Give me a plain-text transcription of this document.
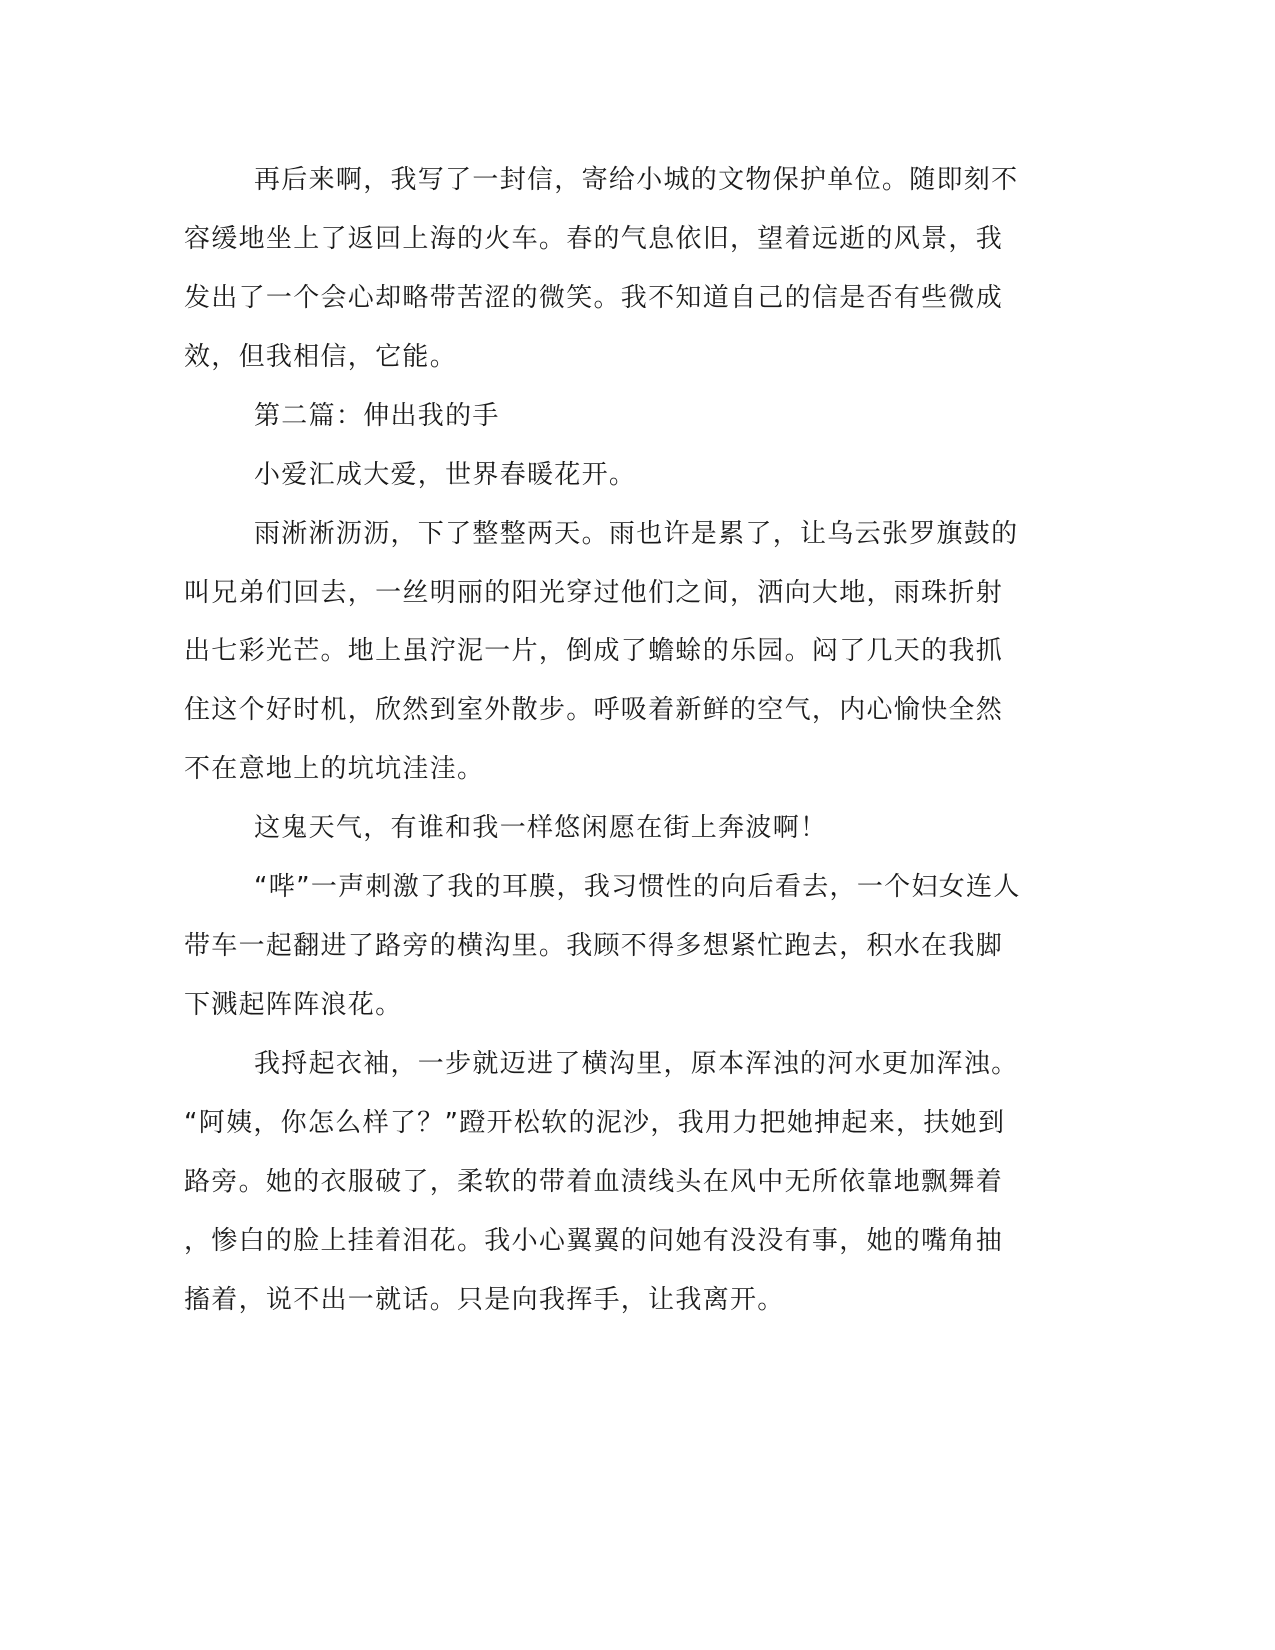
再后来啊，我写了一封信，寄给小城的文物保护单位。随即刻不
容缓地坐上了返回上海的火车。春的气息依旧，望着远逝的风景，我
发出了一个会心却略带苦涩的微笑。我不知道自己的信是否有些微成
效，但我相信，它能。
第二篇：伸出我的手
小爱汇成大爱，世界春暖花开。
雨淅淅沥沥，下了整整两天。雨也许是累了，让乌云张罗旗鼓的
叫兄弟们回去，一丝明丽的阳光穿过他们之间，洒向大地，雨珠折射
出七彩光芒。地上虽泞泥一片，倒成了蟾蜍的乐园。闷了几天的我抓
住这个好时机，欣然到室外散步。呼吸着新鲜的空气，内心愉快全然
不在意地上的坑坑洼洼。
这鬼天气，有谁和我一样悠闲愿在街上奔波啊！
“哔”一声刺激了我的耳膜，我习惯性的向后看去，一个妇女连人
带车一起翻进了路旁的横沟里。我顾不得多想紧忙跑去，积水在我脚
下溅起阵阵浪花。
我捋起衣袖，一步就迈进了横沟里，原本浑浊的河水更加浑浊。
“阿姨，你怎么样了？”蹬开松软的泥沙，我用力把她抻起来，扶她到
路旁。她的衣服破了，柔软的带着血渍线头在风中无所依靠地飘舞着
，惨白的脸上挂着泪花。我小心翼翼的问她有没没有事，她的嘴角抽
搐着，说不出一就话。只是向我挥手，让我离开。
